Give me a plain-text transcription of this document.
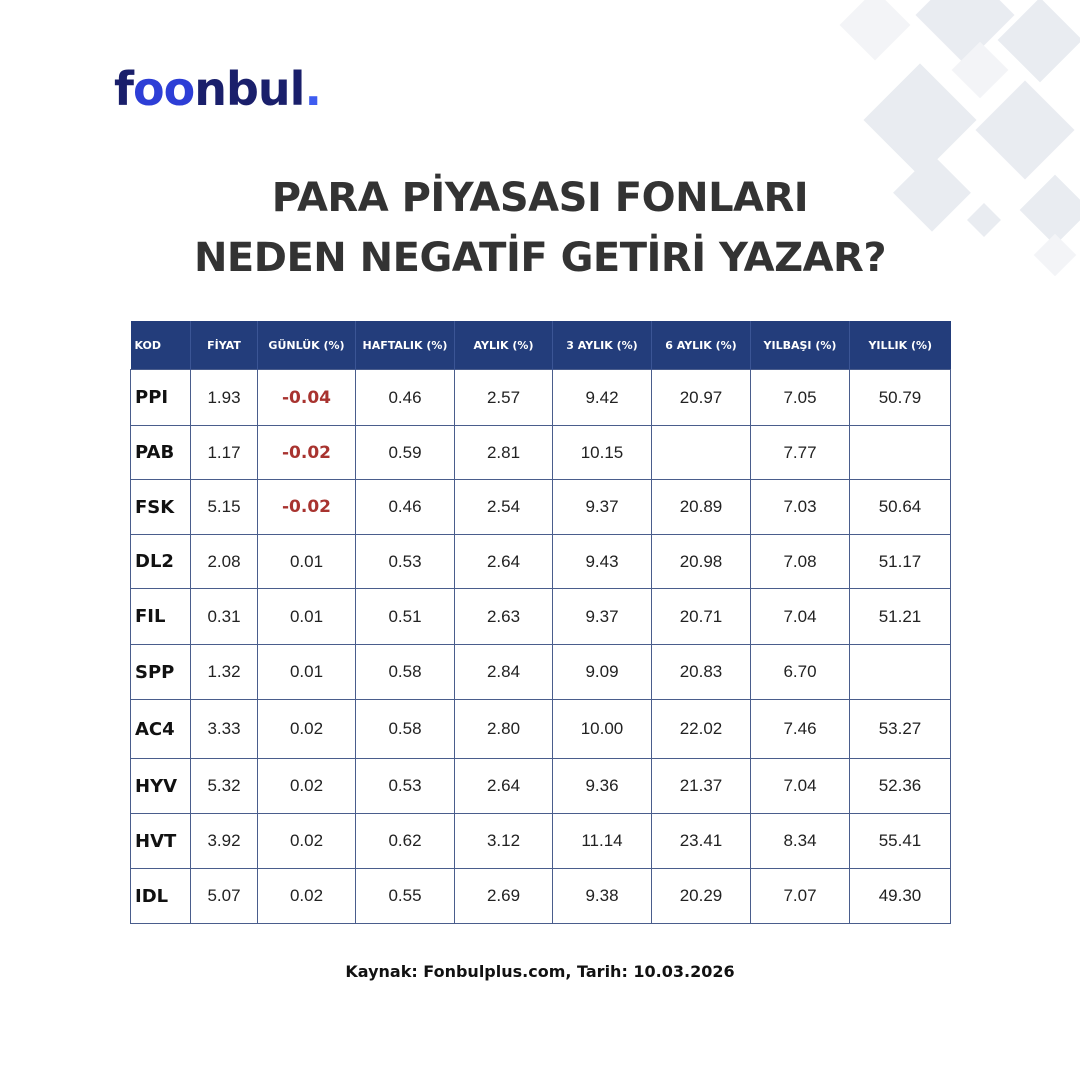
foonbul.
PARA PİYASASI FONLARI
NEDEN NEGATİF GETİRİ YAZAR?
KOD	FİYAT	GÜNLÜK (%)	HAFTALIK (%)	AYLIK (%)	3 AYLIK (%)	6 AYLIK (%)	YILBAŞI (%)	YILLIK (%)
PPI	1.93	-0.04	0.46	2.57	9.42	20.97	7.05	50.79
PAB	1.17	-0.02	0.59	2.81	10.15		7.77	
FSK	5.15	-0.02	0.46	2.54	9.37	20.89	7.03	50.64
DL2	2.08	0.01	0.53	2.64	9.43	20.98	7.08	51.17
FIL	0.31	0.01	0.51	2.63	9.37	20.71	7.04	51.21
SPP	1.32	0.01	0.58	2.84	9.09	20.83	6.70	
AC4	3.33	0.02	0.58	2.80	10.00	22.02	7.46	53.27
HYV	5.32	0.02	0.53	2.64	9.36	21.37	7.04	52.36
HVT	3.92	0.02	0.62	3.12	11.14	23.41	8.34	55.41
IDL	5.07	0.02	0.55	2.69	9.38	20.29	7.07	49.30
Kaynak: Fonbulplus.com, Tarih: 10.03.2026
